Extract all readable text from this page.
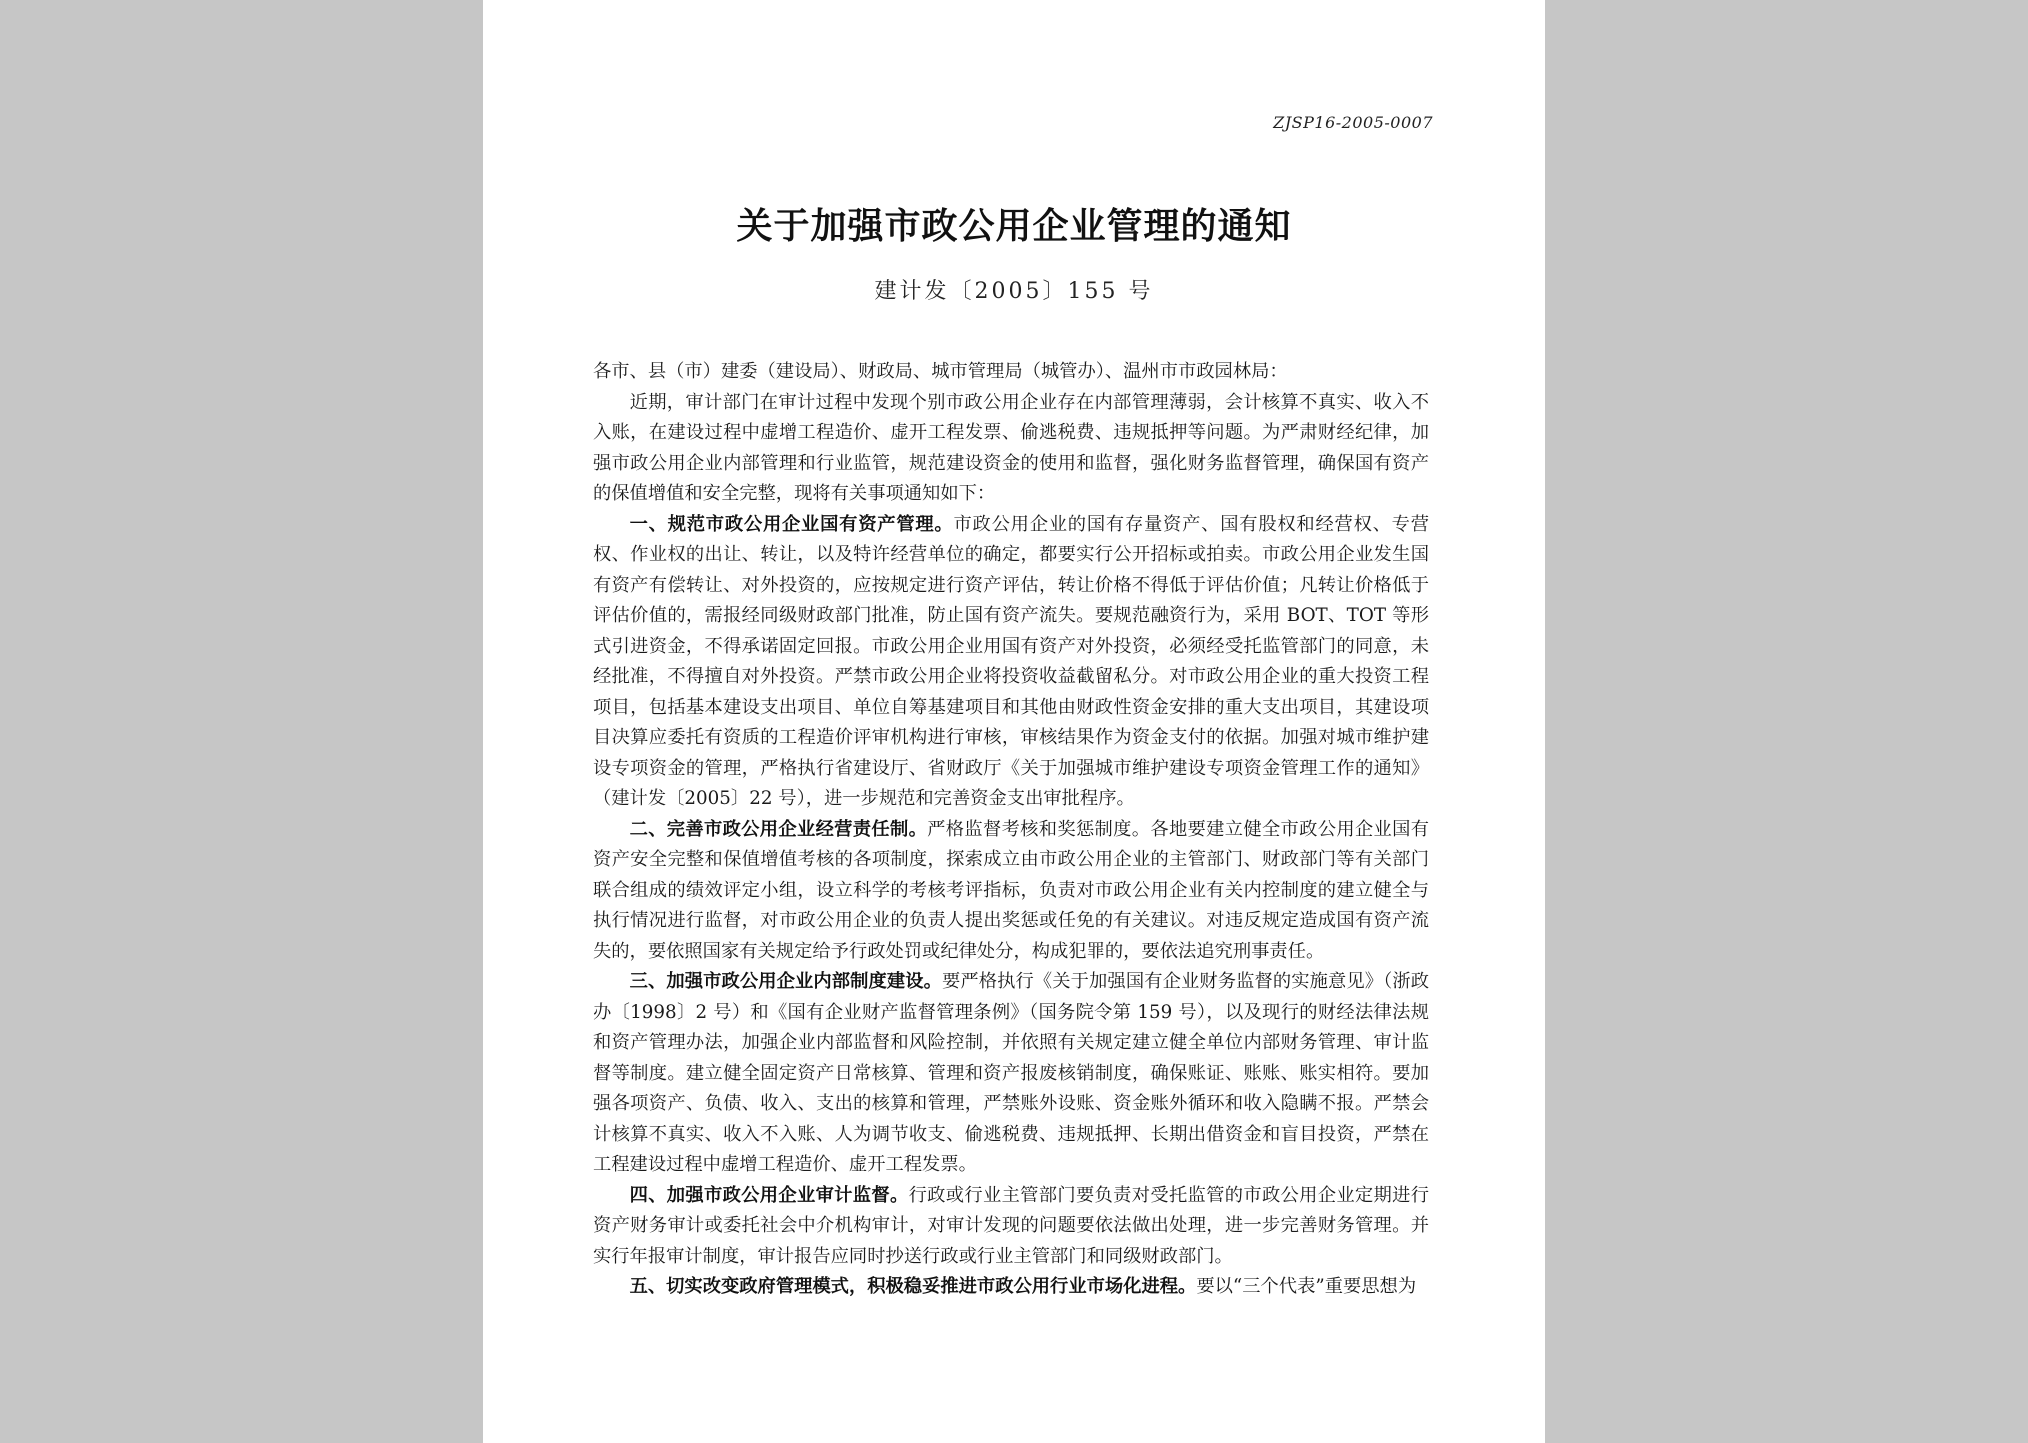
ZJSP16-2005-0007
关于加强市政公用企业管理的通知
建计发〔2005〕155 号

各市、县（市）建委（建设局）、财政局、城市管理局（城管办）、温州市市政园林局：

近期，审计部门在审计过程中发现个别市政公用企业存在内部管理薄弱，会计核算不真实、收入不入账，在建设过程中虚增工程造价、虚开工程发票、偷逃税费、违规抵押等问题。为严肃财经纪律，加强市政公用企业内部管理和行业监管，规范建设资金的使用和监督，强化财务监督管理，确保国有资产的保值增值和安全完整，现将有关事项通知如下：

一、规范市政公用企业国有资产管理。市政公用企业的国有存量资产、国有股权和经营权、专营权、作业权的出让、转让，以及特许经营单位的确定，都要实行公开招标或拍卖。市政公用企业发生国有资产有偿转让、对外投资的，应按规定进行资产评估，转让价格不得低于评估价值；凡转让价格低于评估价值的，需报经同级财政部门批准，防止国有资产流失。要规范融资行为，采用 BOT、TOT 等形式引进资金，不得承诺固定回报。市政公用企业用国有资产对外投资，必须经受托监管部门的同意，未经批准，不得擅自对外投资。严禁市政公用企业将投资收益截留私分。对市政公用企业的重大投资工程项目，包括基本建设支出项目、单位自筹基建项目和其他由财政性资金安排的重大支出项目，其建设项目决算应委托有资质的工程造价评审机构进行审核，审核结果作为资金支付的依据。加强对城市维护建设专项资金的管理，严格执行省建设厅、省财政厅《关于加强城市维护建设专项资金管理工作的通知》（建计发〔2005〕22 号），进一步规范和完善资金支出审批程序。

二、完善市政公用企业经营责任制。严格监督考核和奖惩制度。各地要建立健全市政公用企业国有资产安全完整和保值增值考核的各项制度，探索成立由市政公用企业的主管部门、财政部门等有关部门联合组成的绩效评定小组，设立科学的考核考评指标，负责对市政公用企业有关内控制度的建立健全与执行情况进行监督，对市政公用企业的负责人提出奖惩或任免的有关建议。对违反规定造成国有资产流失的，要依照国家有关规定给予行政处罚或纪律处分，构成犯罪的，要依法追究刑事责任。

三、加强市政公用企业内部制度建设。要严格执行《关于加强国有企业财务监督的实施意见》（浙政办〔1998〕2 号）和《国有企业财产监督管理条例》（国务院令第 159 号），以及现行的财经法律法规和资产管理办法，加强企业内部监督和风险控制，并依照有关规定建立健全单位内部财务管理、审计监督等制度。建立健全固定资产日常核算、管理和资产报废核销制度，确保账证、账账、账实相符。要加强各项资产、负债、收入、支出的核算和管理，严禁账外设账、资金账外循环和收入隐瞒不报。严禁会计核算不真实、收入不入账、人为调节收支、偷逃税费、违规抵押、长期出借资金和盲目投资，严禁在工程建设过程中虚增工程造价、虚开工程发票。

四、加强市政公用企业审计监督。行政或行业主管部门要负责对受托监管的市政公用企业定期进行资产财务审计或委托社会中介机构审计，对审计发现的问题要依法做出处理，进一步完善财务管理。并实行年报审计制度，审计报告应同时抄送行政或行业主管部门和同级财政部门。

五、切实改变政府管理模式，积极稳妥推进市政公用行业市场化进程。要以“三个代表”重要思想为
